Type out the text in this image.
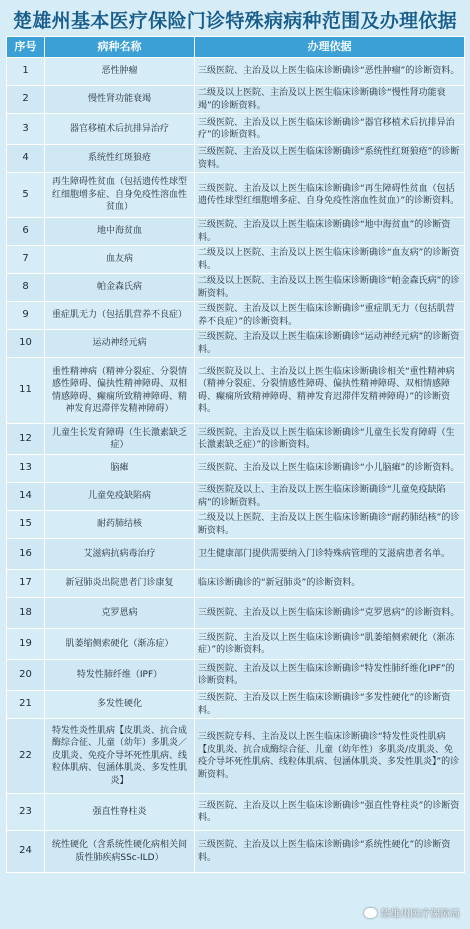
楚雄州基本医疗保险门诊特殊病病种范围及办理依据
序号	病种名称	办理依据
1	恶性肿瘤	三级医院、主治及以上医生临床诊断确诊“恶性肿瘤”的诊断资料。
2	慢性肾功能衰竭	二级及以上医院、主治及以上医生临床诊断确诊“慢性肾功能衰竭”的诊断资料。
3	器官移植术后抗排异治疗	三级医院、主治及以上医生临床诊断确诊“器官移植术后抗排异治疗”的诊断资料。
4	系统性红斑狼疮	三级医院、主治及以上医生临床诊断确诊“系统性红斑狼疮”的诊断资料。
5	再生障碍性贫血（包括遗传性球型红细胞增多症、自身免疫性溶血性贫血）	三级医院、主治及以上医生临床诊断确诊“再生障碍性贫血（包括遗传性球型红细胞增多症、自身免疫性溶血性贫血）”的诊断资料。
6	地中海贫血	三级医院、主治及以上医生临床诊断确诊“地中海贫血”的诊断资料。
7	血友病	二级及以上医院、主治及以上医生临床诊断确诊“血友病”的诊断资料。
8	帕金森氏病	二级及以上医院、主治及以上医生临床诊断确诊“帕金森氏病”的诊断资料。
9	重症肌无力（包括肌营养不良症）	三级医院、主治及以上医生临床诊断确诊“重症肌无力（包括肌营养不良症）”的诊断资料。
10	运动神经元病	三级医院、主治及以上医生临床诊断确诊“运动神经元病”的诊断资料。
11	重性精神病（精神分裂症、分裂情感性障碍、偏执性精神障碍、双相情感障碍、癫痫所致精神障碍、精神发育迟滞伴发精神障碍）	二级医院及以上、主治及以上医生临床诊断确诊相关“重性精神病（精神分裂症、分裂情感性障碍、偏执性精神障碍、双相情感障碍、癫痫所致精神障碍、精神发育迟滞伴发精神障碍）”的诊断资料。
12	儿童生长发育障碍（生长激素缺乏症）	三级医院、主治及以上医生临床诊断确诊“儿童生长发育障碍（生长激素缺乏症）”的诊断资料。
13	脑瘫	三级医院、主治及以上医生临床诊断确诊“小儿脑瘫”的诊断资料。
14	儿童免疫缺陷病	三级医院及以上、主治及以上医生临床诊断确诊“儿童免疫缺陷病”的诊断资料。
15	耐药肺结核	二级及以上医院、主治及以上医生临床诊断确诊“耐药肺结核”的诊断资料。
16	艾滋病抗病毒治疗	卫生健康部门提供需要纳入门诊特殊病管理的艾滋病患者名单。
17	新冠肺炎出院患者门诊康复	临床诊断确诊的“新冠肺炎”的诊断资料。
18	克罗恩病	三级医院、主治及以上医生临床诊断确诊“克罗恩病”的诊断资料。
19	肌萎缩侧索硬化（渐冻症）	三级医院、主治及以上医生临床诊断确诊“肌萎缩侧索硬化（渐冻症）”的诊断资料。
20	特发性肺纤维（IPF）	三级医院、主治及以上医生临床诊断确诊“特发性肺纤维化IPF”的诊断资料。
21	多发性硬化	三级医院、主治及以上医生临床诊断确诊“多发性硬化”的诊断资料。
22	特发性炎性肌病【皮肌炎、抗合成酶综合征、儿童（幼年）多肌炎／皮肌炎、免疫介导坏死性肌病、线粒体肌病、包涵体肌炎、多发性肌炎】	三级医院专科、主治及以上医生临床诊断确诊“特发性炎性肌病【皮肌炎、抗合成酶综合征、儿童（幼年性）多肌炎/皮肌炎、免疫介导坏死性肌病、线粒体肌病、包涵体肌炎、多发性肌炎】”的诊断资料。
23	强直性脊柱炎	三级医院、主治及以上医生临床诊断确诊“强直性脊柱炎”的诊断资料。
24	统性硬化（含系统性硬化病相关间质性肺疾病SSc-ILD）	三级医院、主治及以上医生临床诊断确诊“系统性硬化”的诊断资料。
楚雄州医疗保障局
